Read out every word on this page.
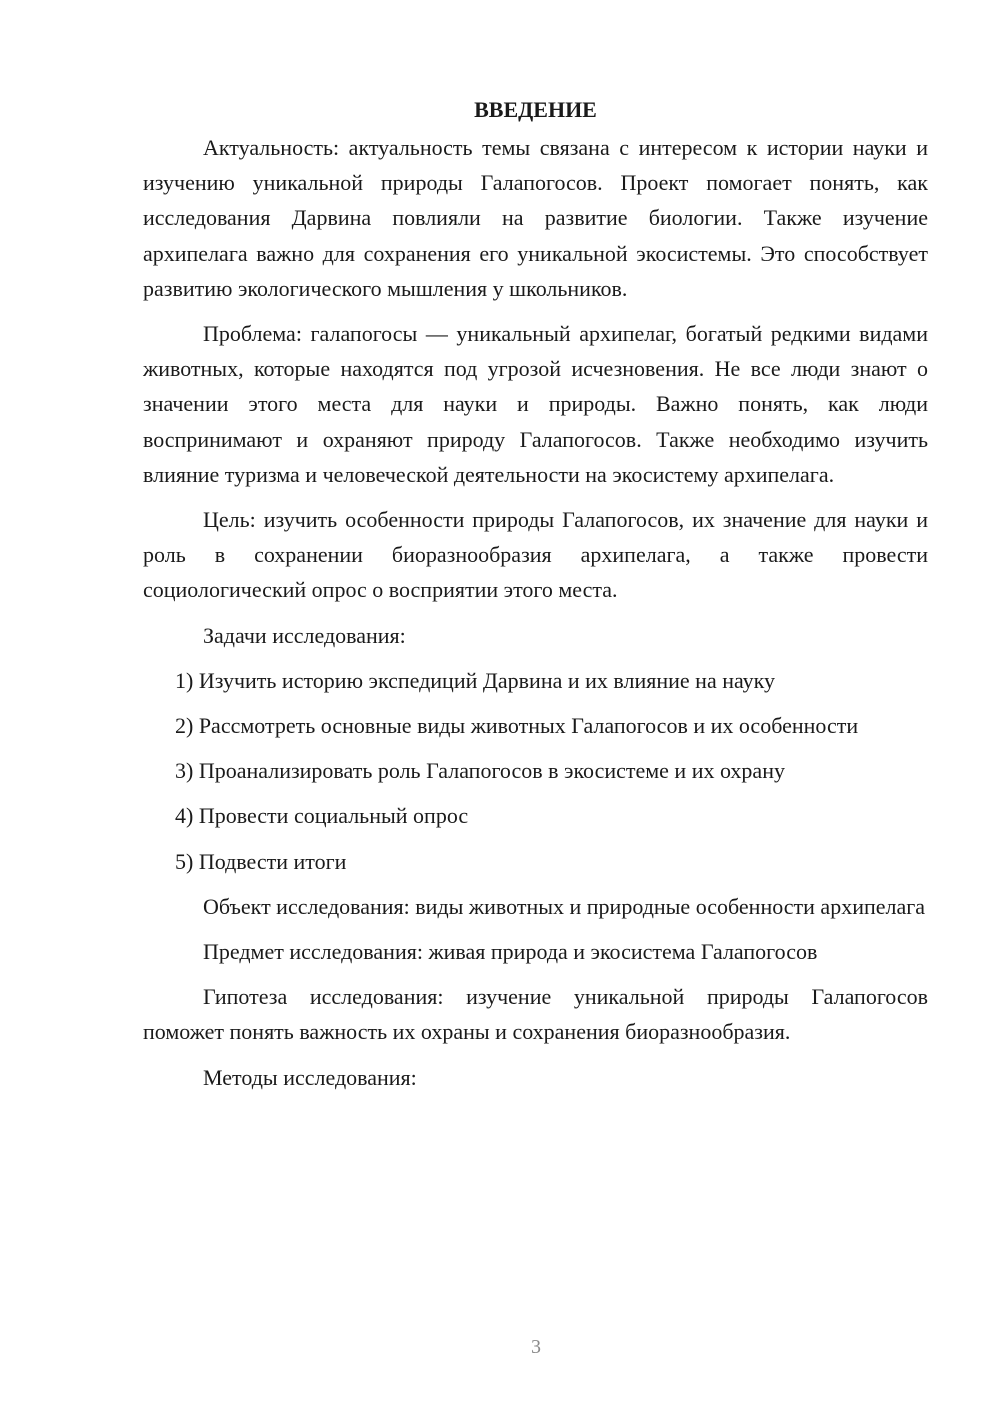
ВВЕДЕНИЕ

Актуальность: актуальность темы связана с интересом к истории науки и изучению уникальной природы Галапогосов. Проект помогает понять, как исследования Дарвина повлияли на развитие биологии. Также изучение архипелага важно для сохранения его уникальной экосистемы. Это способствует развитию экологического мышления у школьников.

Проблема: галапогосы — уникальный архипелаг, богатый редкими видами животных, которые находятся под угрозой исчезновения. Не все люди знают о значении этого места для науки и природы. Важно понять, как люди воспринимают и охраняют природу Галапогосов. Также необходимо изучить влияние туризма и человеческой деятельности на экосистему архипелага.

Цель: изучить особенности природы Галапогосов, их значение для науки и роль в сохранении биоразнообразия архипелага, а также провести социологический опрос о восприятии этого места.

Задачи исследования:

1) Изучить историю экспедиций Дарвина и их влияние на науку

2) Рассмотреть основные виды животных Галапогосов и их особенности

3) Проанализировать роль Галапогосов в экосистеме и их охрану

4) Провести социальный опрос

5) Подвести итоги

Объект исследования: виды животных и природные особенности архипелага

Предмет исследования: живая природа и экосистема Галапогосов

Гипотеза исследования: изучение уникальной природы Галапогосов поможет понять важность их охраны и сохранения биоразнообразия.

Методы исследования:

3
